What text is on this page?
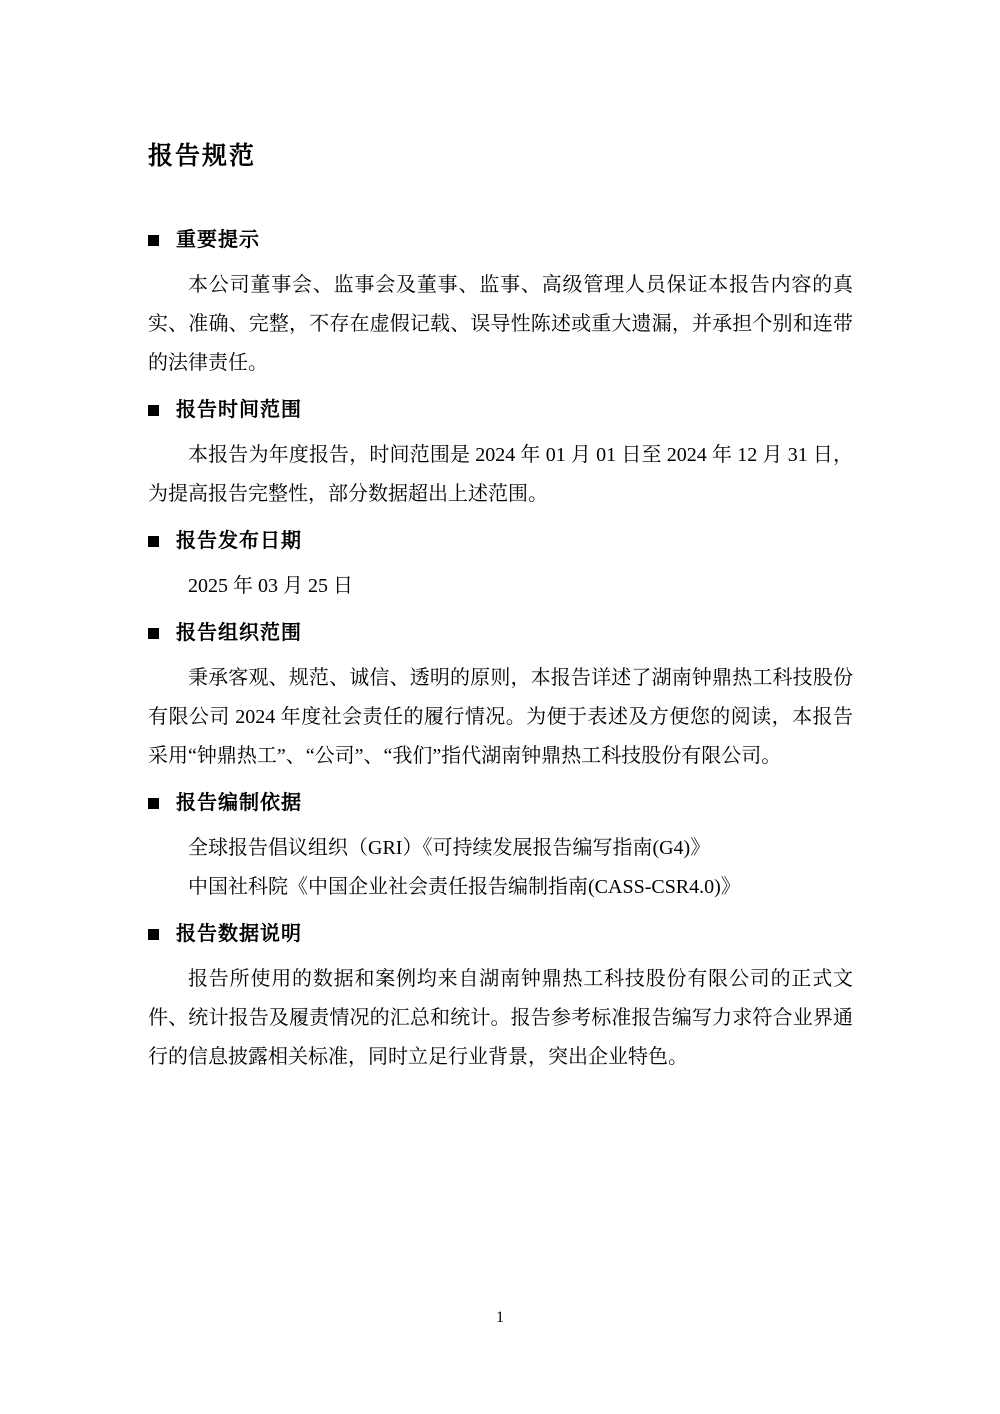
报告规范
重要提示

本公司董事会、监事会及董事、监事、高级管理人员保证本报告内容的真实、准确、完整，不存在虚假记载、误导性陈述或重大遗漏，并承担个别和连带的法律责任。

报告时间范围

本报告为年度报告，时间范围是 2024 年 01 月 01 日至 2024 年 12 月 31 日，为提高报告完整性，部分数据超出上述范围。

报告发布日期

2025 年 03 月 25 日

报告组织范围

秉承客观、规范、诚信、透明的原则，本报告详述了湖南钟鼎热工科技股份有限公司 2024 年度社会责任的履行情况。为便于表述及方便您的阅读，本报告采用“钟鼎热工”、“公司”、“我们”指代湖南钟鼎热工科技股份有限公司。

报告编制依据

全球报告倡议组织（GRI）《可持续发展报告编写指南(G4)》

中国社科院《中国企业社会责任报告编制指南(CASS-CSR4.0)》

报告数据说明

报告所使用的数据和案例均来自湖南钟鼎热工科技股份有限公司的正式文件、统计报告及履责情况的汇总和统计。报告参考标准报告编写力求符合业界通行的信息披露相关标准，同时立足行业背景，突出企业特色。

1
